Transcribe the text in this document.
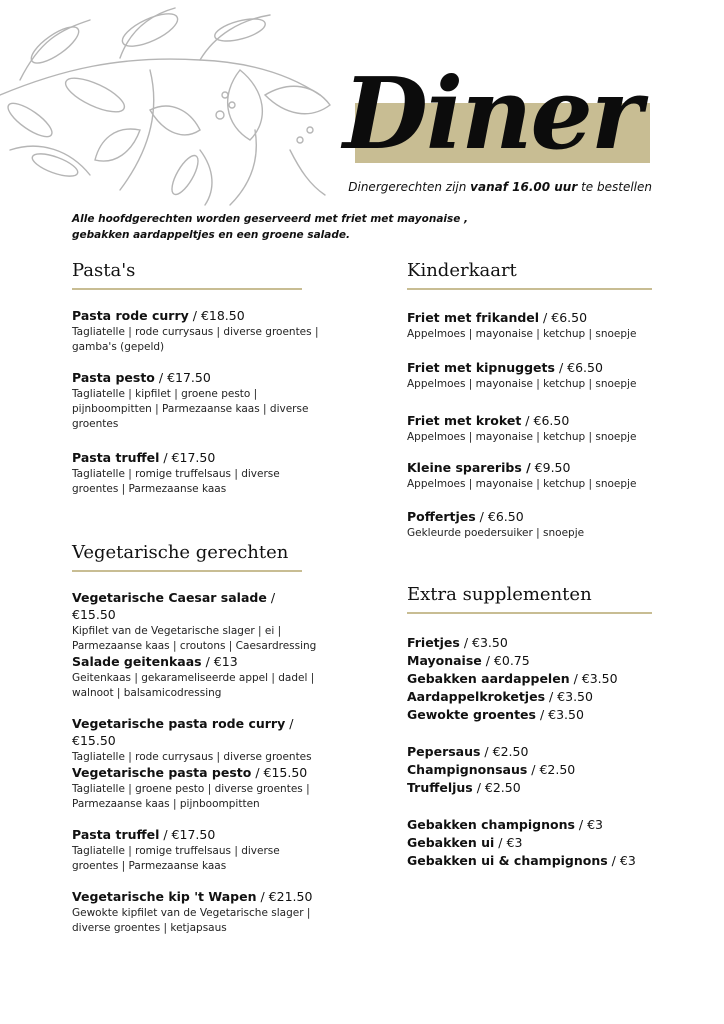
Diner
Dinergerechten zijn vanaf 16.00 uur te bestellen
Alle hoofdgerechten worden geserveerd met friet met mayonaise , gebakken aardappeltjes en een groene salade.
Pasta's
Pasta rode curry / €18.50
Tagliatelle | rode currysaus | diverse groentes | gamba's (gepeld)
Pasta pesto / €17.50
Tagliatelle | kipfilet | groene pesto | pijnboompitten | Parmezaanse kaas | diverse groentes
Pasta truffel / €17.50
Tagliatelle | romige truffelsaus | diverse groentes | Parmezaanse kaas
Vegetarische gerechten
Vegetarische Caesar salade / €15.50
Kipfilet van de Vegetarische slager | ei | Parmezaanse kaas | croutons | Caesardressing
Salade geitenkaas / €13
Geitenkaas | gekarameliseerde appel | dadel | walnoot | balsamicodressing
Vegetarische pasta rode curry / €15.50
Tagliatelle | rode currysaus | diverse groentes
Vegetarische pasta pesto / €15.50
Tagliatelle | groene pesto | diverse groentes | Parmezaanse kaas | pijnboompitten
Pasta truffel / €17.50
Tagliatelle | romige truffelsaus | diverse groentes | Parmezaanse kaas
Vegetarische kip 't Wapen / €21.50
Gewokte kipfilet van de Vegetarische slager | diverse groentes | ketjapsaus
Kinderkaart
Friet met frikandel / €6.50
Appelmoes | mayonaise | ketchup | snoepje
Friet met kipnuggets / €6.50
Appelmoes | mayonaise | ketchup | snoepje
Friet met kroket / €6.50
Appelmoes | mayonaise | ketchup | snoepje
Kleine spareribs / €9.50
Appelmoes | mayonaise | ketchup | snoepje
Poffertjes / €6.50
Gekleurde poedersuiker | snoepje
Extra supplementen
Frietjes / €3.50
Mayonaise / €0.75
Gebakken aardappelen / €3.50
Aardappelkroketjes / €3.50
Gewokte groentes / €3.50
Pepersaus / €2.50
Champignonsaus / €2.50
Truffeljus / €2.50
Gebakken champignons / €3
Gebakken ui / €3
Gebakken ui & champignons / €3
